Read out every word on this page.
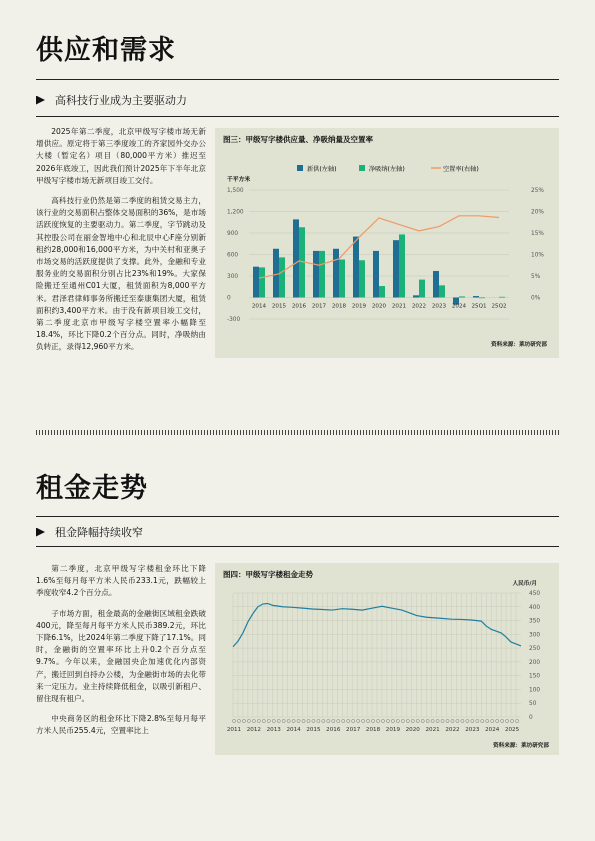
供应和需求
高科技行业成为主要驱动力

2025年第二季度，北京甲级写字楼市场无新增供应。原定将于第三季度竣工的齐家园外交办公大楼（暂定名）项目（80,000平方米）推迟至2026年底竣工，因此我们预计2025年下半年北京甲级写字楼市场无新项目竣工交付。

高科技行业仍然是第二季度的租赁交易主力，该行业的交易面积占整体交易面积的36%，是市场活跃度恢复的主要驱动力。第二季度，字节跳动及其控股公司在丽金智地中心和北辰中心F座分别新租约28,000和16,000平方米，为中关村和亚奥子市场交易的活跃度提供了支撑。此外，金融和专业服务业的交易面积分别占比23%和19%。大家保险搬迁至通州C01大厦，租赁面积为8,000平方米。君泽君律师事务所搬迁至泰康集团大厦，租赁面积约3,400平方米。由于没有新项目竣工交付，第二季度北京市甲级写字楼空置率小幅降至18.4%，环比下降0.2个百分点。同时，净吸纳由负转正，录得12,960平方米。

图三：甲级写字楼供应量、净吸纳量及空置率
新供(左轴)	净吸纳(左轴)	空置率(右轴)
千平方米
-300
0
300
600
900
1,200
1,500
0%
5%
10%
15%
20%
25%
2014 2015 2016 2017 2018 2019 2020 2021 2022 2023 2024 25Q1 25Q2
资料来源：莱坊研究部
租金走势
租金降幅持续收窄

第二季度，北京甲级写字楼租金环比下降1.6%至每月每平方米人民币233.1元，跌幅较上季度收窄4.2个百分点。

子市场方面，租金最高的金融街区域租金跌破400元，降至每月每平方米人民币389.2元，环比下降6.1%，比2024年第二季度下降了17.1%。同时，金融街的空置率环比上升0.2个百分点至9.7%。今年以来，金融国央企加速优化内部资产，搬迁回到自持办公楼，为金融街市场的去化带来一定压力。业主持续降低租金，以吸引新租户、留住现有租户。

中央商务区的租金环比下降2.8%至每月每平方米人民币255.4元，空置率比上

图四：甲级写字楼租金走势
人民币/月
0
50
100
150
200
250
300
350
400
450
2011 2012 2013 2014 2015 2016 2017 2018 2019 2020 2021 2022 2023 2024 2025
资料来源：莱坊研究部
